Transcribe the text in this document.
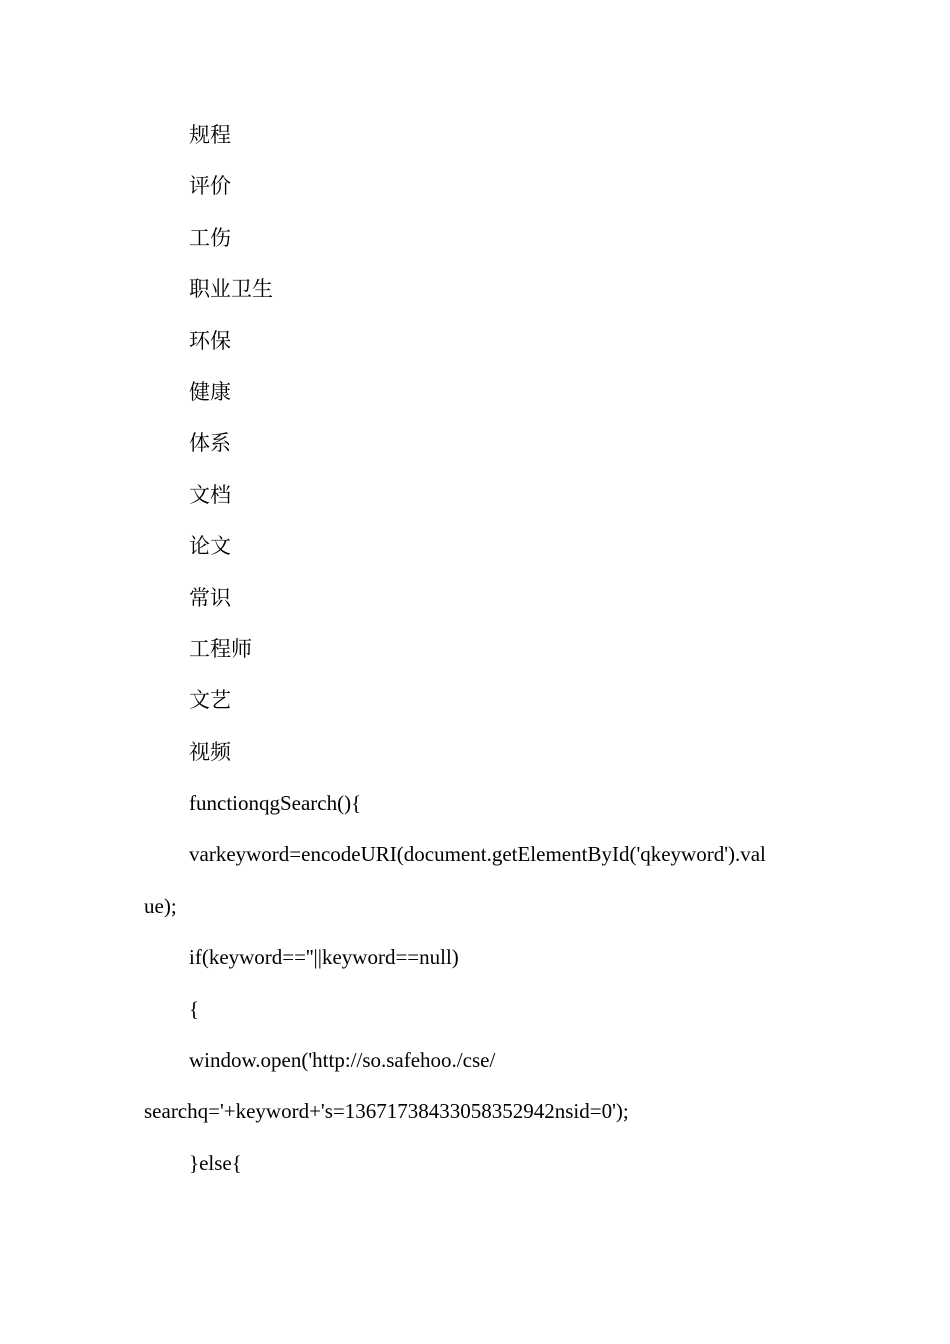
规程

评价

工伤

职业卫生

环保

健康

体系

文档

论文

常识

工程师

文艺

视频

functionqgSearch(){

varkeyword=encodeURI(document.getElementById('qkeyword').val

ue);

if(keyword==''||keyword==null)

{

window.open('http://so.safehoo./cse/

searchq='+keyword+'s=13671738433058352942nsid=0');

}else{
